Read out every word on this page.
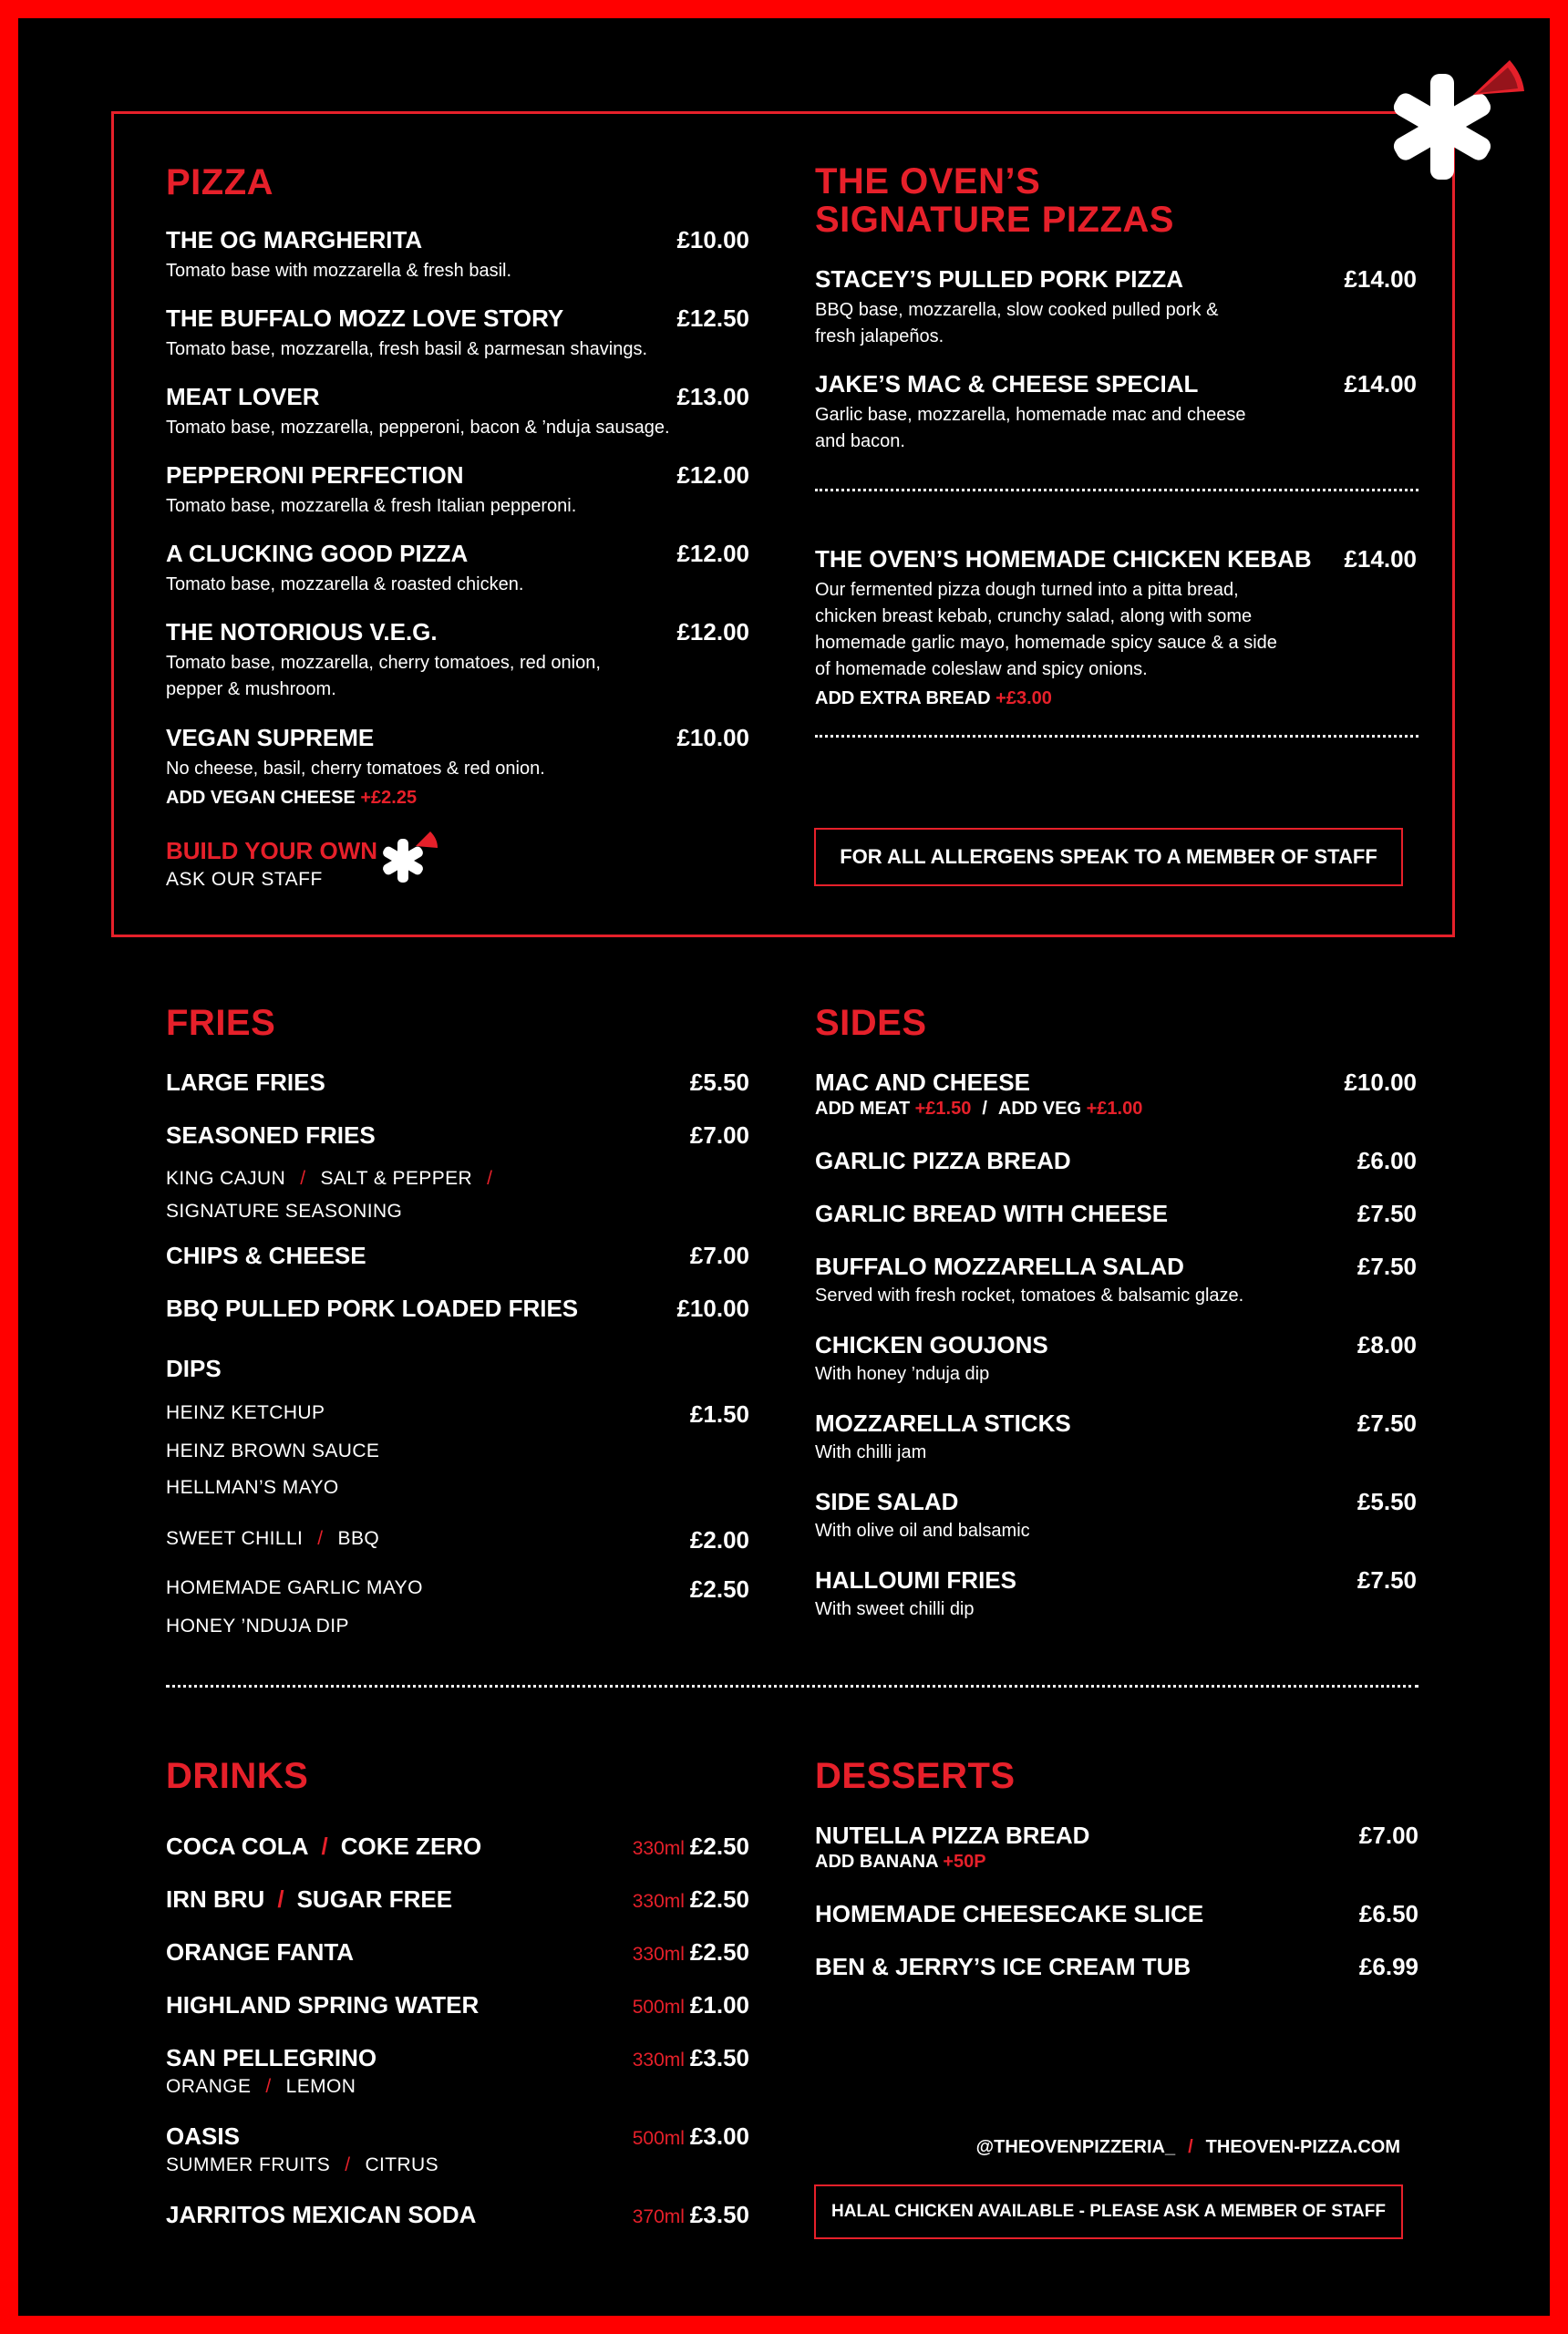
PIZZA
THE OG MARGHERITA	£10.00
Tomato base with mozzarella & fresh basil.
THE BUFFALO MOZZ LOVE STORY	£12.50
Tomato base, mozzarella, fresh basil & parmesan shavings.
MEAT LOVER	£13.00
Tomato base, mozzarella, pepperoni, bacon & ’nduja sausage.
PEPPERONI PERFECTION	£12.00
Tomato base, mozzarella & fresh Italian pepperoni.
A CLUCKING GOOD PIZZA	£12.00
Tomato base, mozzarella & roasted chicken.
THE NOTORIOUS V.E.G.	£12.00
Tomato base, mozzarella, cherry tomatoes, red onion, pepper & mushroom.
VEGAN SUPREME	£10.00
No cheese, basil, cherry tomatoes & red onion.
ADD VEGAN CHEESE +£2.25
BUILD YOUR OWN
ASK OUR STAFF
THE OVEN’S
SIGNATURE PIZZAS
STACEY’S PULLED PORK PIZZA	£14.00
BBQ base, mozzarella, slow cooked pulled pork & fresh jalapeños.
JAKE’S MAC & CHEESE SPECIAL	£14.00
Garlic base, mozzarella, homemade mac and cheese and bacon.
THE OVEN’S HOMEMADE CHICKEN KEBAB	£14.00
Our fermented pizza dough turned into a pitta bread, chicken breast kebab, crunchy salad, along with some homemade garlic mayo, homemade spicy sauce & a side of homemade coleslaw and spicy onions.
ADD EXTRA BREAD +£3.00
FOR ALL ALLERGENS SPEAK TO A MEMBER OF STAFF
FRIES
LARGE FRIES	£5.50
SEASONED FRIES	£7.00
KING CAJUN / SALT & PEPPER /
SIGNATURE SEASONING
CHIPS & CHEESE	£7.00
BBQ PULLED PORK LOADED FRIES	£10.00
DIPS
HEINZ KETCHUP	£1.50
HEINZ BROWN SAUCE
HELLMAN’S MAYO
SWEET CHILLI / BBQ	£2.00
HOMEMADE GARLIC MAYO	£2.50
HONEY ’NDUJA DIP
SIDES
MAC AND CHEESE	£10.00
ADD MEAT +£1.50 / ADD VEG +£1.00
GARLIC PIZZA BREAD	£6.00
GARLIC BREAD WITH CHEESE	£7.50
BUFFALO MOZZARELLA SALAD	£7.50
Served with fresh rocket, tomatoes & balsamic glaze.
CHICKEN GOUJONS	£8.00
With honey ’nduja dip
MOZZARELLA STICKS	£7.50
With chilli jam
SIDE SALAD	£5.50
With olive oil and balsamic
HALLOUMI FRIES	£7.50
With sweet chilli dip
DRINKS
COCA COLA / COKE ZERO	330ml £2.50
IRN BRU / SUGAR FREE	330ml £2.50
ORANGE FANTA	330ml £2.50
HIGHLAND SPRING WATER	500ml £1.00
SAN PELLEGRINO	330ml £3.50
ORANGE / LEMON
OASIS	500ml £3.00
SUMMER FRUITS / CITRUS
JARRITOS MEXICAN SODA	370ml £3.50
DESSERTS
NUTELLA PIZZA BREAD	£7.00
ADD BANANA +50P
HOMEMADE CHEESECAKE SLICE	£6.50
BEN & JERRY’S ICE CREAM TUB	£6.99
@THEOVENPIZZERIA_ / THEOVEN-PIZZA.COM
HALAL CHICKEN AVAILABLE - PLEASE ASK A MEMBER OF STAFF
